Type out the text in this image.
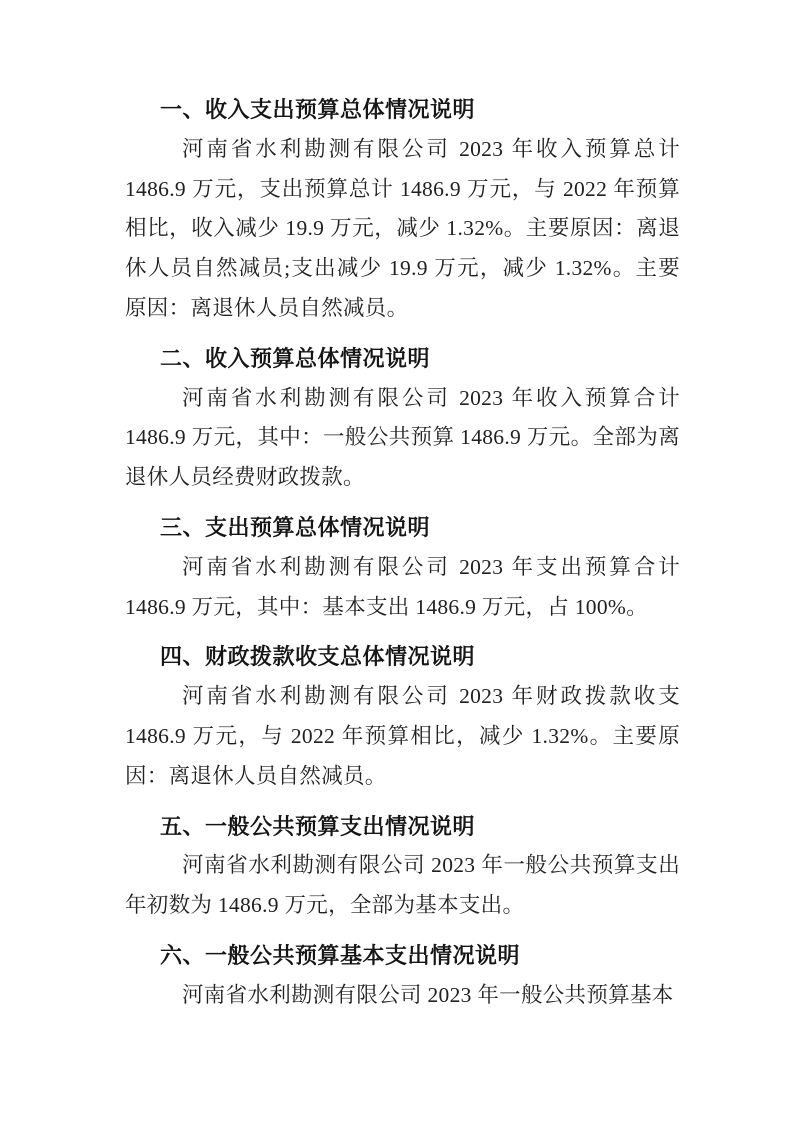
一、收入支出预算总体情况说明

河南省水利勘测有限公司 2023 年收入预算总计 1486.9 万元，支出预算总计 1486.9 万元，与 2022 年预算相比，收入减少 19.9 万元，减少 1.32%。主要原因：离退休人员自然减员;支出减少 19.9 万元，减少 1.32%。主要原因：离退休人员自然减员。

二、收入预算总体情况说明

河南省水利勘测有限公司 2023 年收入预算合计 1486.9 万元，其中：一般公共预算 1486.9 万元。全部为离退休人员经费财政拨款。

三、支出预算总体情况说明

河南省水利勘测有限公司 2023 年支出预算合计 1486.9 万元，其中：基本支出 1486.9 万元，占 100%。

四、财政拨款收支总体情况说明

河南省水利勘测有限公司 2023 年财政拨款收支 1486.9 万元，与 2022 年预算相比，减少 1.32%。主要原因：离退休人员自然减员。

五、一般公共预算支出情况说明

河南省水利勘测有限公司 2023 年一般公共预算支出年初数为 1486.9 万元，全部为基本支出。

六、一般公共预算基本支出情况说明

河南省水利勘测有限公司 2023 年一般公共预算基本
